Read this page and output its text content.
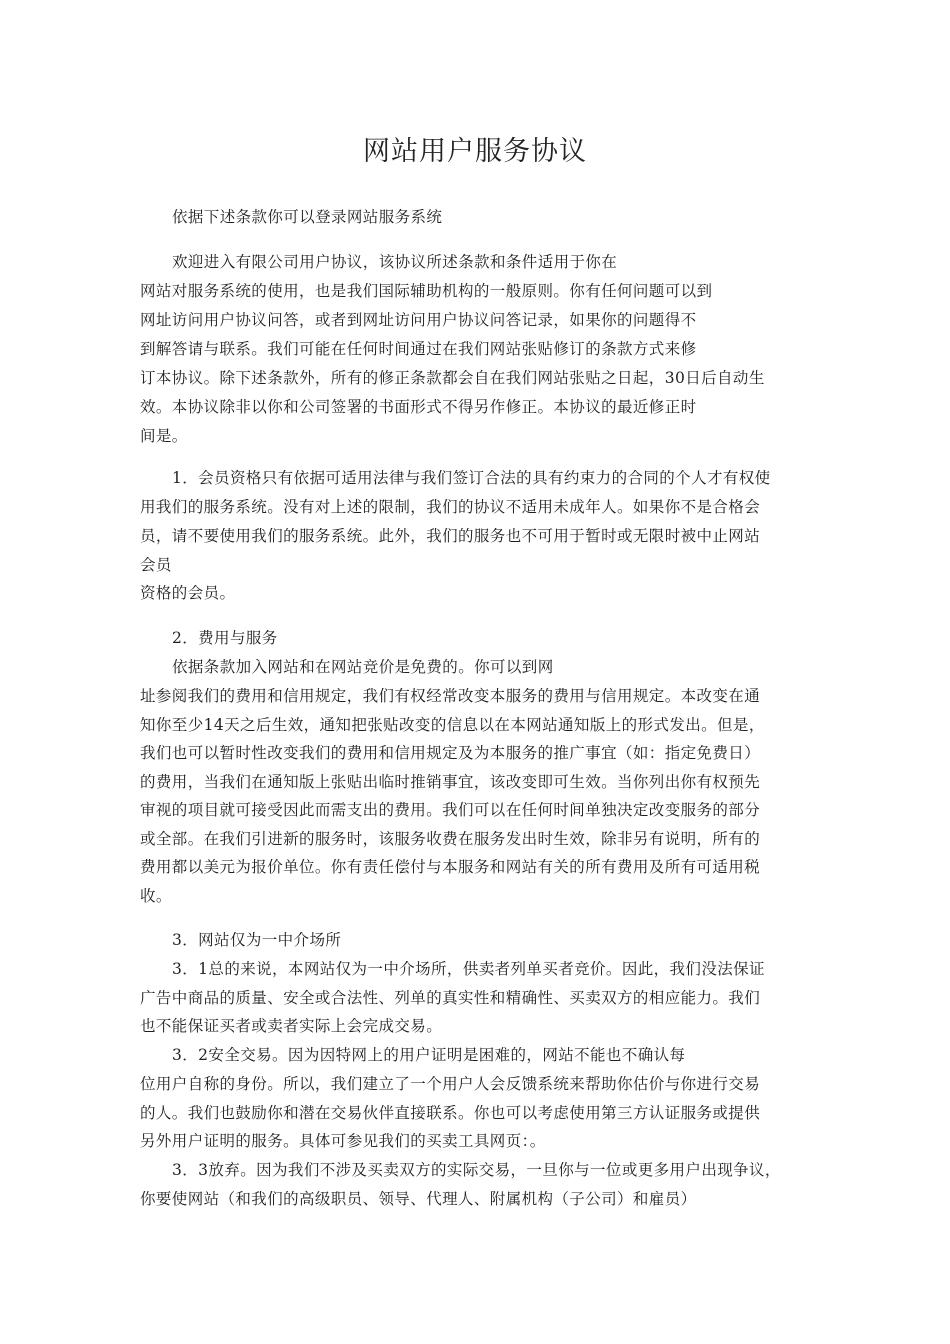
网站用户服务协议
依据下述条款你可以登录网站服务系统
欢迎进入有限公司用户协议，该协议所述条款和条件适用于你在
网站对服务系统的使用，也是我们国际辅助机构的一般原则。你有任何问题可以到
网址访问用户协议问答，或者到网址访问用户协议问答记录，如果你的问题得不
到解答请与联系。我们可能在任何时间通过在我们网站张贴修订的条款方式来修
订本协议。除下述条款外，所有的修正条款都会自在我们网站张贴之日起，30日后自动生
效。本协议除非以你和公司签署的书面形式不得另作修正。本协议的最近修正时
间是。
1．会员资格只有依据可适用法律与我们签订合法的具有约束力的合同的个人才有权使
用我们的服务系统。没有对上述的限制，我们的协议不适用未成年人。如果你不是合格会
员，请不要使用我们的服务系统。此外，我们的服务也不可用于暂时或无限时被中止网站
会员
资格的会员。
2．费用与服务
依据条款加入网站和在网站竞价是免费的。你可以到网
址参阅我们的费用和信用规定，我们有权经常改变本服务的费用与信用规定。本改变在通
知你至少14天之后生效，通知把张贴改变的信息以在本网站通知版上的形式发出。但是，
我们也可以暂时性改变我们的费用和信用规定及为本服务的推广事宜（如：指定免费日）
的费用，当我们在通知版上张贴出临时推销事宜，该改变即可生效。当你列出你有权预先
审视的项目就可接受因此而需支出的费用。我们可以在任何时间单独决定改变服务的部分
或全部。在我们引进新的服务时，该服务收费在服务发出时生效，除非另有说明，所有的
费用都以美元为报价单位。你有责任偿付与本服务和网站有关的所有费用及所有可适用税
收。
3．网站仅为一中介场所
3．1总的来说，本网站仅为一中介场所，供卖者列单买者竞价。因此，我们没法保证
广告中商品的质量、安全或合法性、列单的真实性和精确性、买卖双方的相应能力。我们
也不能保证买者或卖者实际上会完成交易。
3．2安全交易。因为因特网上的用户证明是困难的，网站不能也不确认每
位用户自称的身份。所以，我们建立了一个用户人会反馈系统来帮助你估价与你进行交易
的人。我们也鼓励你和潜在交易伙伴直接联系。你也可以考虑使用第三方认证服务或提供
另外用户证明的服务。具体可参见我们的买卖工具网页：。
3．3放弃。因为我们不涉及买卖双方的实际交易，一旦你与一位或更多用户出现争议，
你要使网站（和我们的高级职员、领导、代理人、附属机构（子公司）和雇员）
